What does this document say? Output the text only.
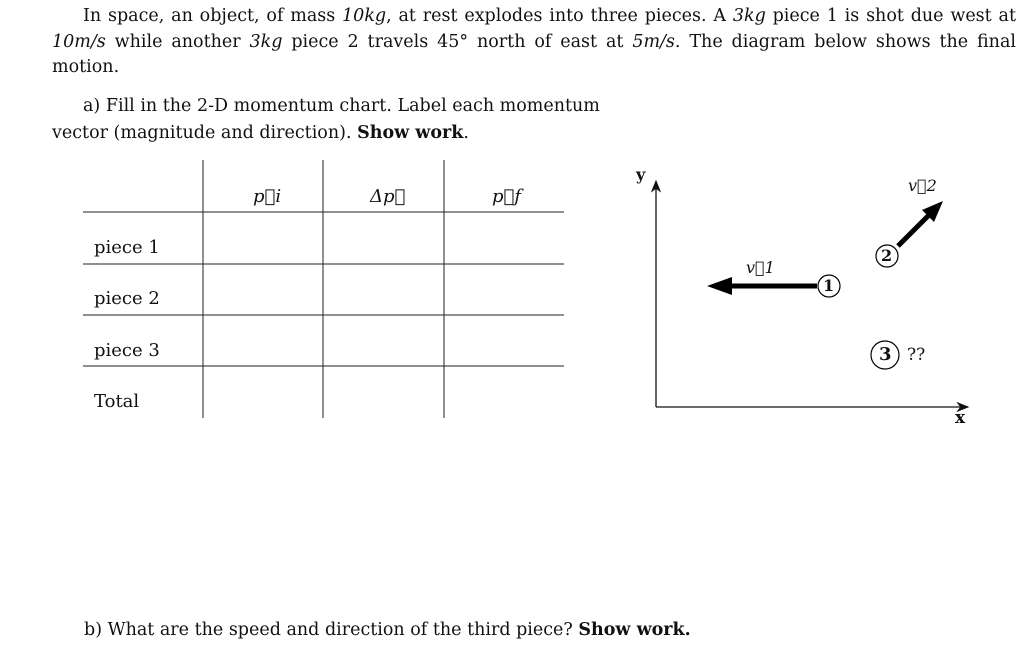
In space, an object, of mass 10kg, at rest explodes into three pieces. A 3kg piece 1 is shot due west at 10m/s while another 3kg piece 2 travels 45° north of east at 5m/s. The diagram below shows the final motion.
a) Fill in the 2-D momentum chart. Label each momentum vector (magnitude and direction). Show work.
p⃗i	Δp⃗	p⃗f
piece 1
piece 2
piece 3
Total
y
x
1
2
3 ??
v⃗1
v⃗2
b) What are the speed and direction of the third piece? Show work.
